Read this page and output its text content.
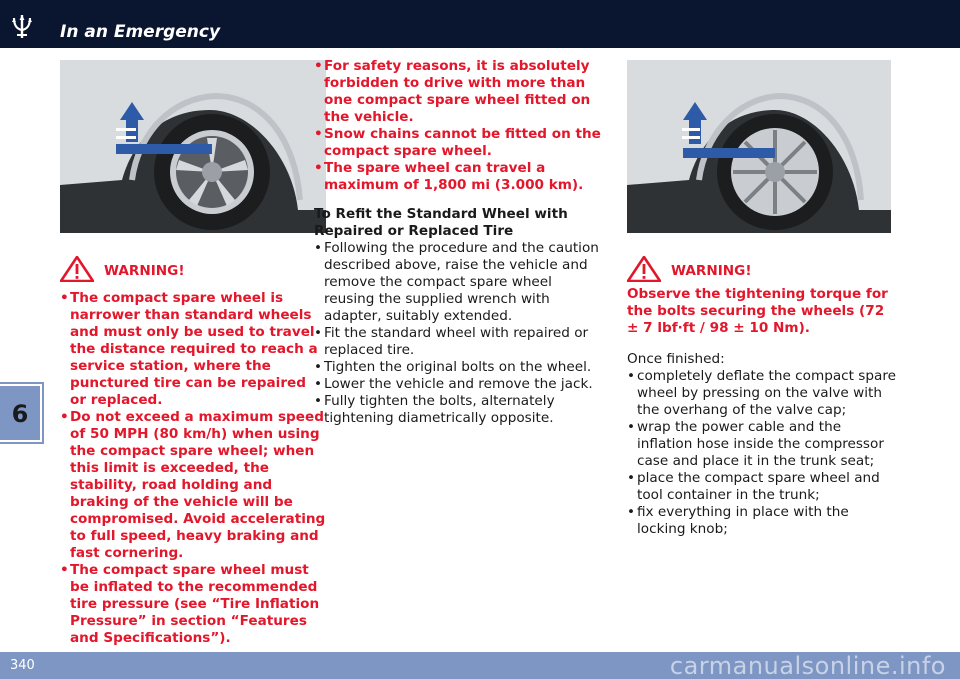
In an Emergency
6
WARNING!
• The compact spare wheel is narrower than standard wheels and must only be used to travel the distance required to reach a service station, where the punctured tire can be repaired or replaced.
• Do not exceed a maximum speed of 50 MPH (80 km/h) when using the compact spare wheel; when this limit is exceeded, the stability, road holding and braking of the vehicle will be compromised. Avoid accelerating to full speed, heavy braking and fast cornering.
• The compact spare wheel must be inflated to the recommended tire pressure (see “Tire Inflation Pressure” in section “Features and Specifications”).
• For safety reasons, it is absolutely forbidden to drive with more than one compact spare wheel fitted on the vehicle.
• Snow chains cannot be fitted on the compact spare wheel.
• The spare wheel can travel a maximum of 1,800 mi (3.000 km).
To Refit the Standard Wheel with Repaired or Replaced Tire
• Following the procedure and the caution described above, raise the vehicle and remove the compact spare wheel reusing the supplied wrench with adapter, suitably extended.
• Fit the standard wheel with repaired or replaced tire.
• Tighten the original bolts on the wheel.
• Lower the vehicle and remove the jack.
• Fully tighten the bolts, alternately tightening diametrically opposite.
WARNING!
Observe the tightening torque for the bolts securing the wheels (72 ± 7 lbf·ft / 98 ± 10 Nm).
Once finished:
• completely deflate the compact spare wheel by pressing on the valve with the overhang of the valve cap;
• wrap the power cable and the inflation hose inside the compressor case and place it in the trunk seat;
• place the compact spare wheel and tool container in the trunk;
• fix everything in place with the locking knob;
340	carmanualsonline.info
